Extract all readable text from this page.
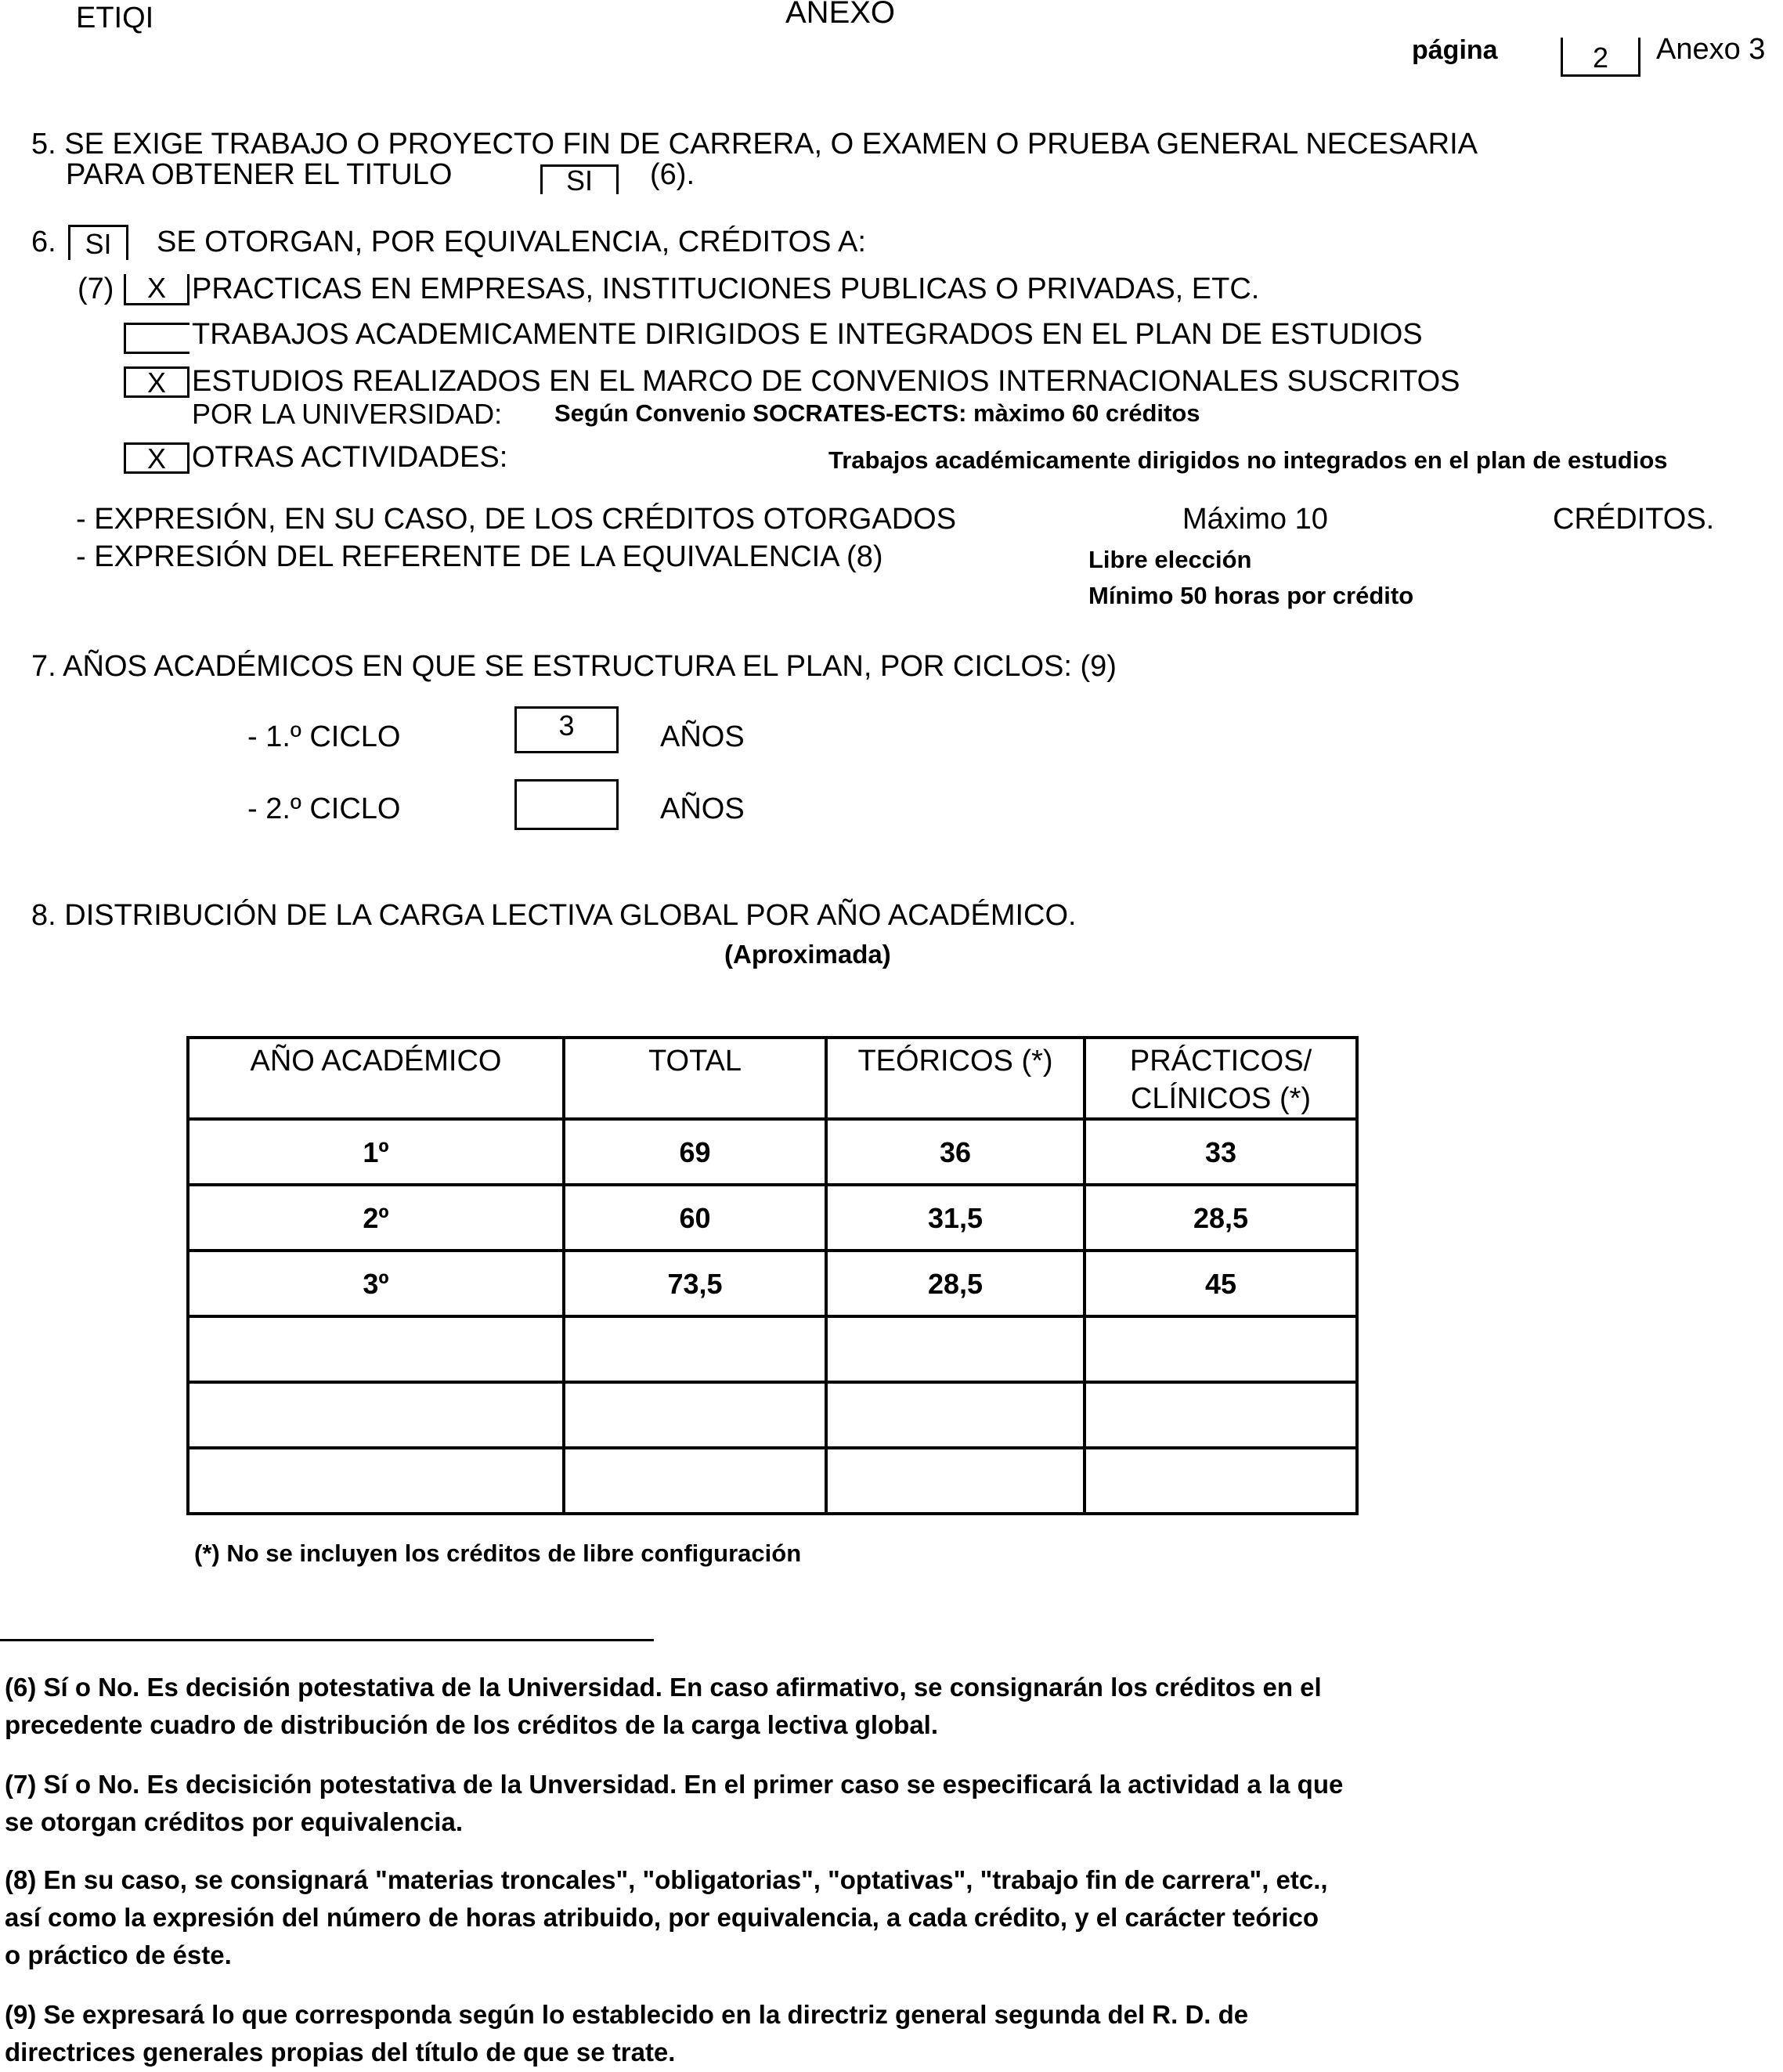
ETIQI	ANEXO
página	2	Anexo 3
5. SE EXIGE TRABAJO O PROYECTO FIN DE CARRERA, O EXAMEN O PRUEBA GENERAL NECESARIA
PARA OBTENER EL TITULO	SI	(6).
6.	SI	SE OTORGAN, POR EQUIVALENCIA, CRÉDITOS A:
(7)	X PRACTICAS EN EMPRESAS, INSTITUCIONES PUBLICAS O PRIVADAS, ETC.
TRABAJOS ACADEMICAMENTE DIRIGIDOS E INTEGRADOS EN EL PLAN DE ESTUDIOS
X ESTUDIOS REALIZADOS EN EL MARCO DE CONVENIOS INTERNACIONALES SUSCRITOS
POR LA UNIVERSIDAD: Según Convenio SOCRATES-ECTS: màximo 60 créditos
X OTRAS ACTIVIDADES:	Trabajos académicamente dirigidos no integrados en el plan de estudios
- EXPRESIÓN, EN SU CASO, DE LOS CRÉDITOS OTORGADOS	Máximo 10	CRÉDITOS.
- EXPRESIÓN DEL REFERENTE DE LA EQUIVALENCIA (8)	Libre elección
Mínimo 50 horas por crédito
7. AÑOS ACADÉMICOS EN QUE SE ESTRUCTURA EL PLAN, POR CICLOS: (9)
- 1.º CICLO	3	AÑOS
- 2.º CICLO	AÑOS
8. DISTRIBUCIÓN DE LA CARGA LECTIVA GLOBAL POR AÑO ACADÉMICO.
(Aproximada)
AÑO ACADÉMICO	TOTAL	TEÓRICOS (*)	PRÁCTICOS/
CLÍNICOS (*)
1º	69	36	33
2º	60	31,5	28,5
3º	73,5	28,5	45

(*) No se incluyen los créditos de libre configuración
(6) Sí o No. Es decisión potestativa de la Universidad. En caso afirmativo, se consignarán los créditos en el
precedente cuadro de distribución de los créditos de la carga lectiva global.
(7) Sí o No. Es decisición potestativa de la Unversidad. En el primer caso se especificará la actividad a la que
se otorgan créditos por equivalencia.
(8) En su caso, se consignará "materias troncales", "obligatorias", "optativas", "trabajo fin de carrera", etc.,
así como la expresión del número de horas atribuido, por equivalencia, a cada crédito, y el carácter teórico
o práctico de éste.
(9) Se expresará lo que corresponda según lo establecido en la directriz general segunda del R. D. de
directrices generales propias del título de que se trate.
